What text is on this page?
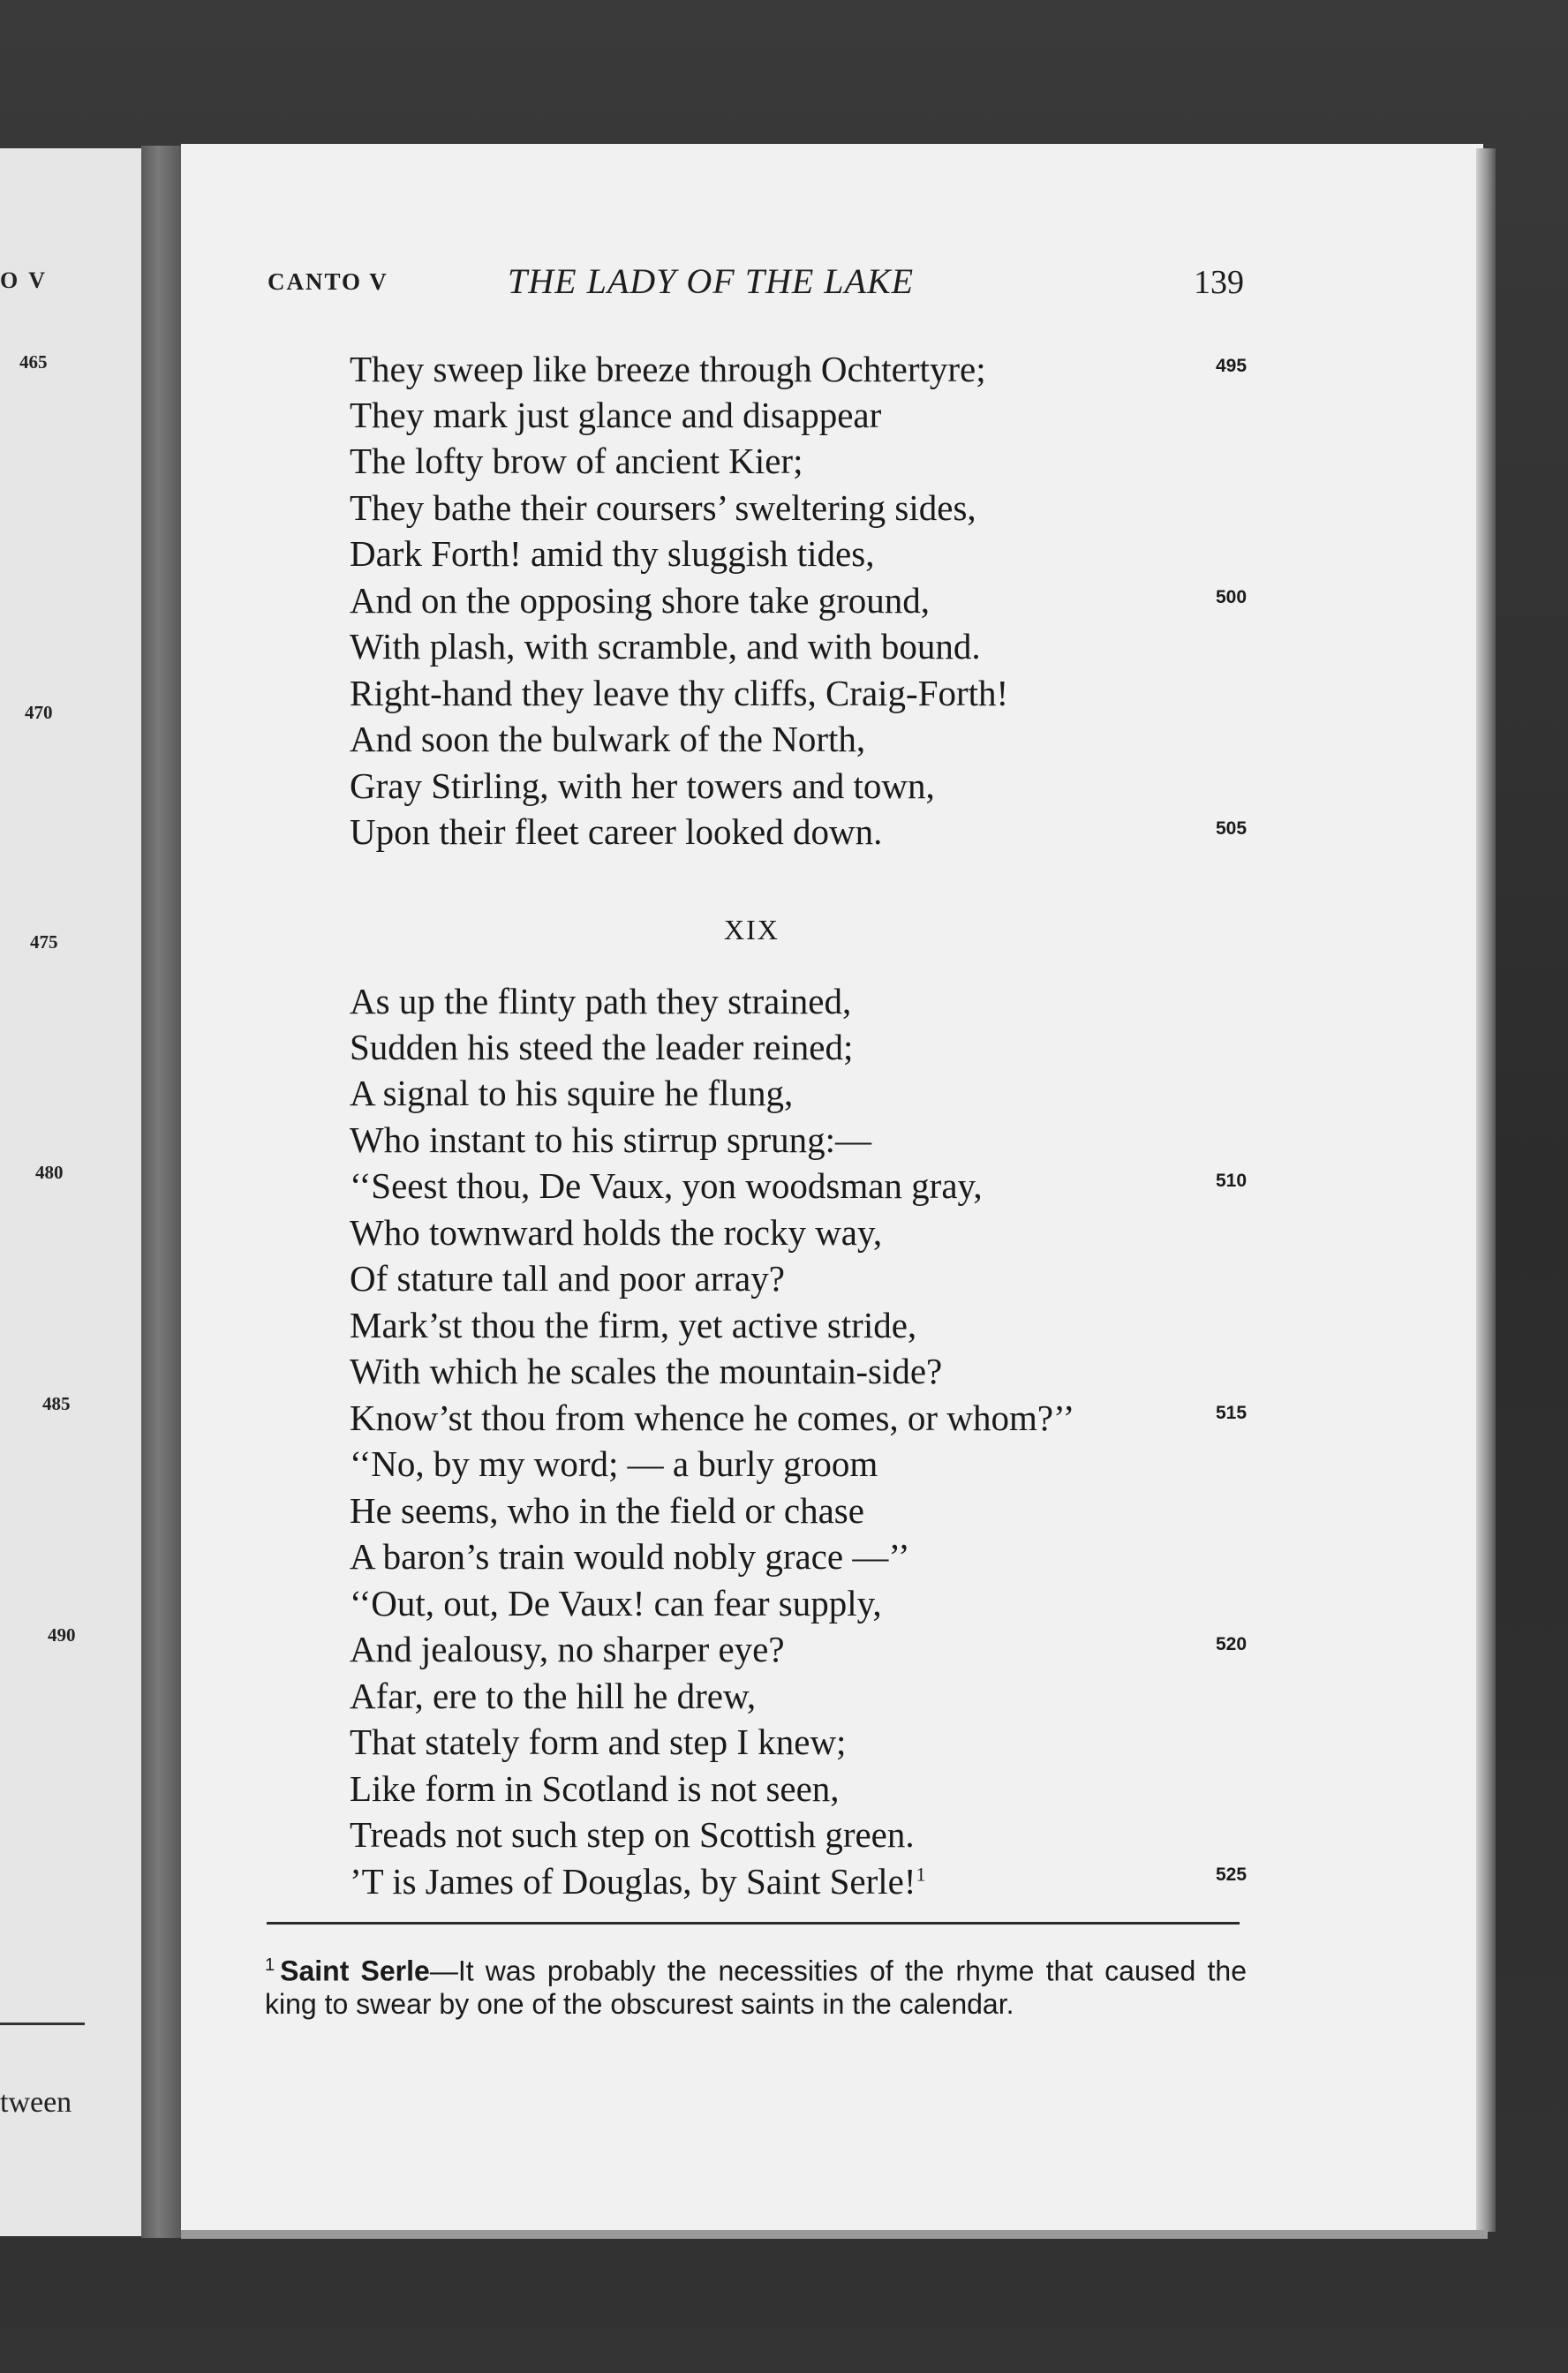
O V
465
470
475
480
485
490
tween
CANTO V	THE LADY OF THE LAKE	139
They sweep like breeze through Ochtertyre;
They mark just glance and disappear
The lofty brow of ancient Kier;
They bathe their coursers’ sweltering sides,
Dark Forth! amid thy sluggish tides,
And on the opposing shore take ground,
With plash, with scramble, and with bound.
Right-hand they leave thy cliffs, Craig-Forth!
And soon the bulwark of the North,
Gray Stirling, with her towers and town,
Upon their fleet career looked down.
495
500
505
XIX
As up the flinty path they strained,
Sudden his steed the leader reined;
A signal to his squire he flung,
Who instant to his stirrup sprung:—
‘‘Seest thou, De Vaux, yon woodsman gray,
Who townward holds the rocky way,
Of stature tall and poor array?
Mark’st thou the firm, yet active stride,
With which he scales the mountain-side?
Know’st thou from whence he comes, or whom?’’
‘‘No, by my word; — a burly groom
He seems, who in the field or chase
A baron’s train would nobly grace —’’
‘‘Out, out, De Vaux! can fear supply,
And jealousy, no sharper eye?
Afar, ere to the hill he drew,
That stately form and step I knew;
Like form in Scotland is not seen,
Treads not such step on Scottish green.
’T is James of Douglas, by Saint Serle!$^1$
510
515
520
525
$^1$ Saint Serle—It was probably the necessities of the rhyme that caused the king to swear by one of the obscurest saints in the calendar.
